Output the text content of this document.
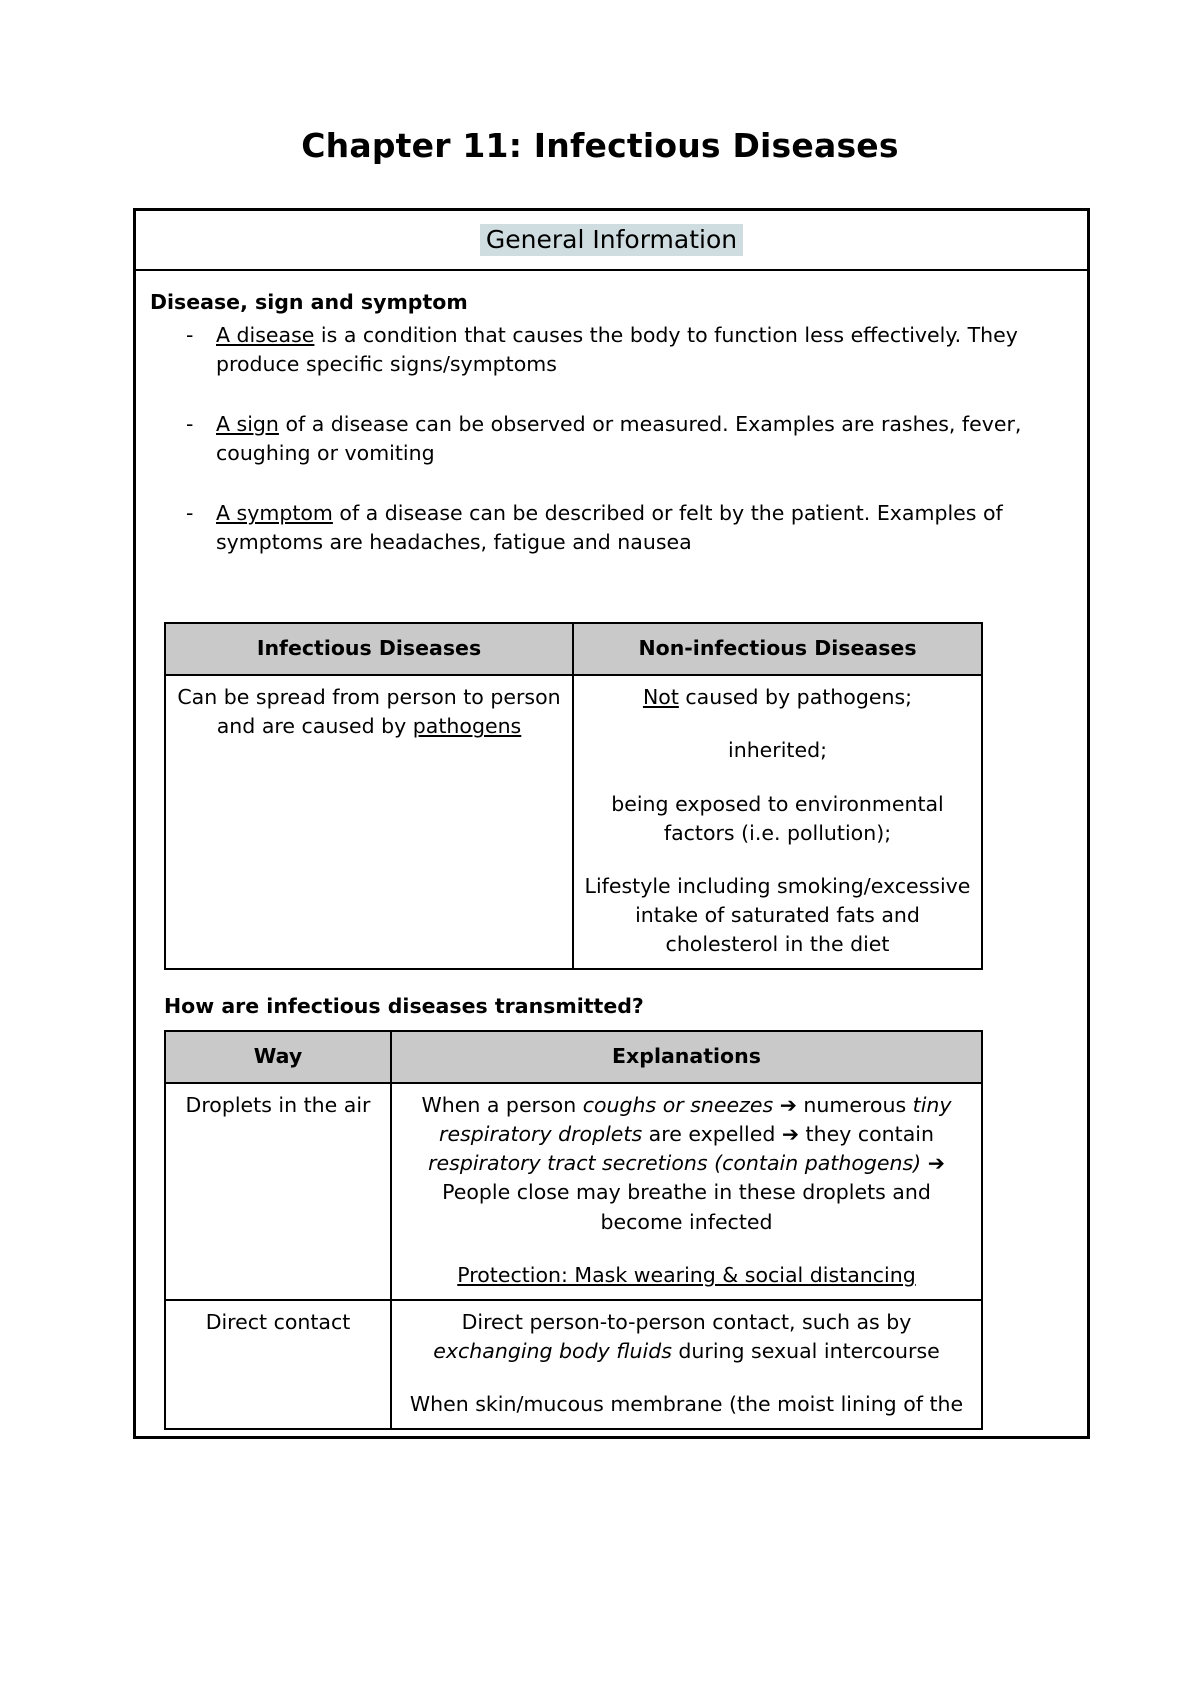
Chapter 11: Infectious Diseases
General Information
Disease, sign and symptom
- A disease is a condition that causes the body to function less effectively. They produce specific signs/symptoms
- A sign of a disease can be observed or measured. Examples are rashes, fever, coughing or vomiting
- A symptom of a disease can be described or felt by the patient. Examples of symptoms are headaches, fatigue and nausea
Infectious Diseases	Non-infectious Diseases
Can be spread from person to person and are caused by pathogens	Not caused by pathogens;

inherited;

being exposed to environmental factors (i.e. pollution);

Lifestyle including smoking/excessive intake of saturated fats and cholesterol in the diet

How are infectious diseases transmitted?
Way	Explanations
Droplets in the air	When a person coughs or sneezes ➔ numerous tiny respiratory droplets are expelled ➔ they contain respiratory tract secretions (contain pathogens) ➔ People close may breathe in these droplets and become infected

Protection: Mask wearing & social distancing

Direct contact	Direct person-to-person contact, such as by exchanging body fluids during sexual intercourse

When skin/mucous membrane (the moist lining of the
